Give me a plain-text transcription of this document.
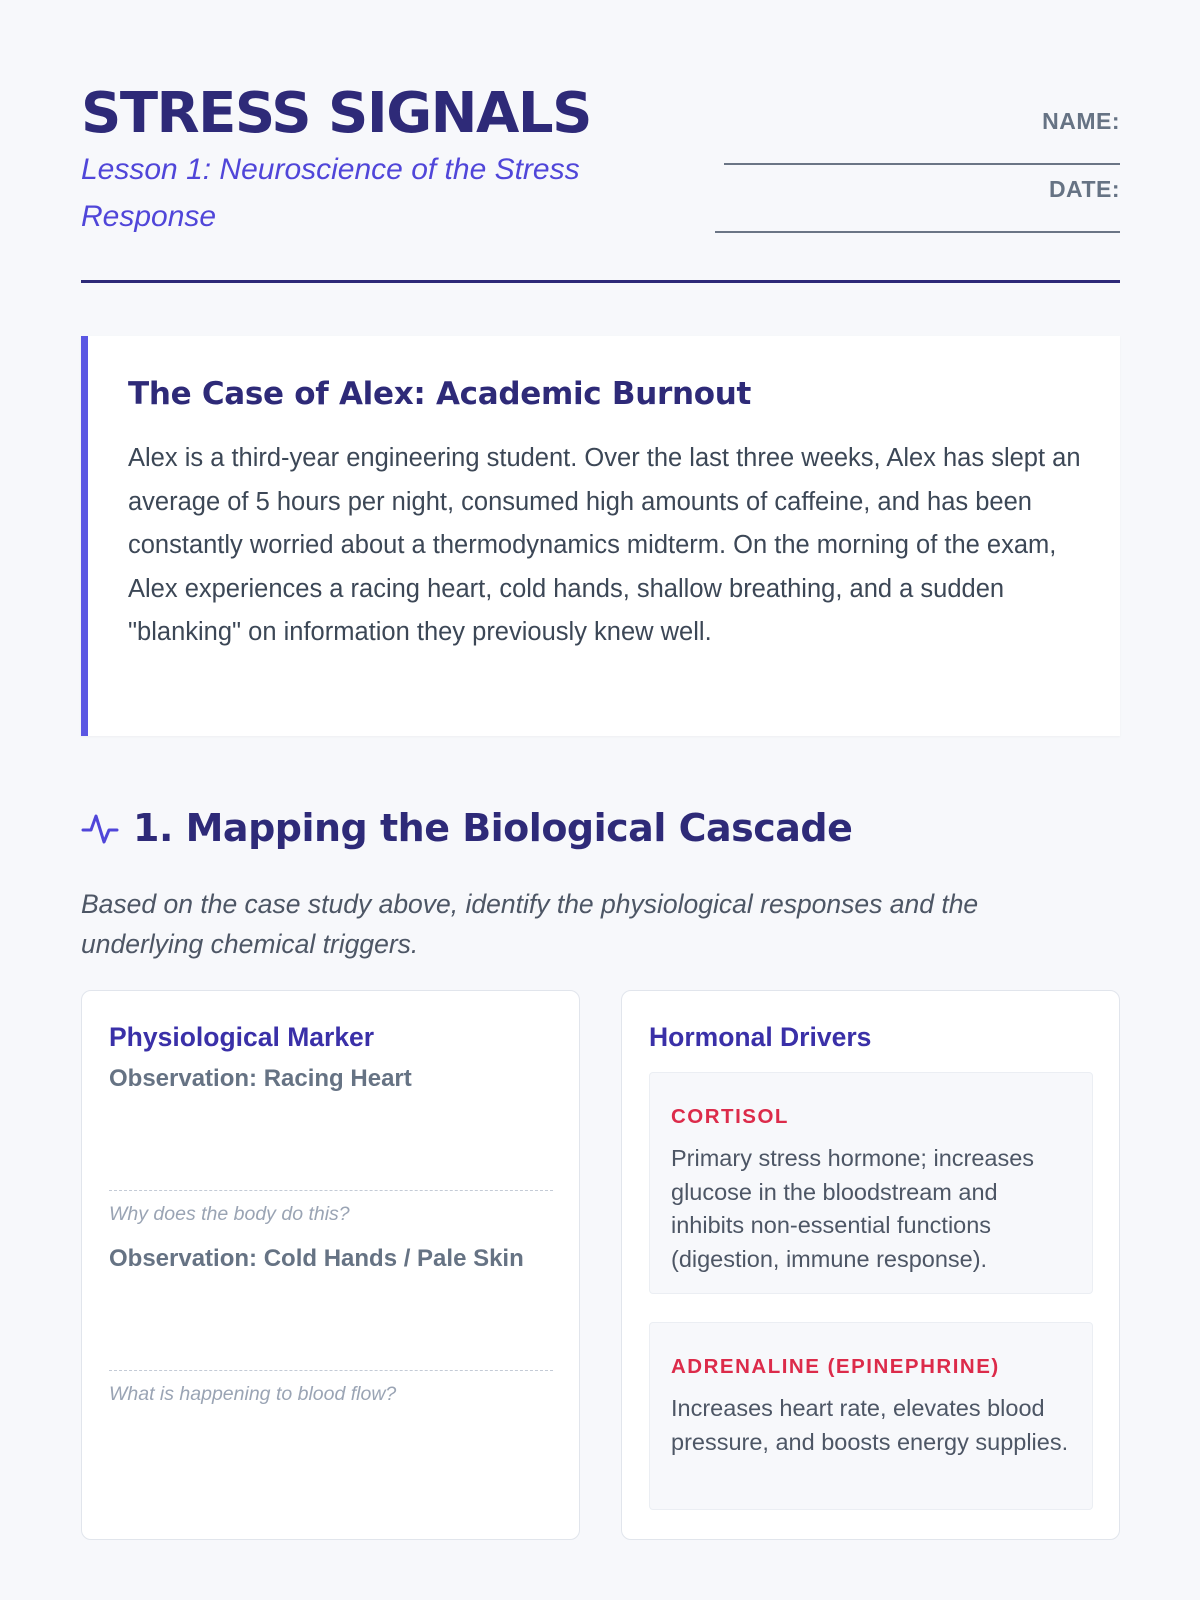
STRESS SIGNALS
Lesson 1: Neuroscience of the Stress Response
NAME:
DATE:
The Case of Alex: Academic Burnout
Alex is a third-year engineering student. Over the last three weeks, Alex has slept an average of 5 hours per night, consumed high amounts of caffeine, and has been constantly worried about a thermodynamics midterm. On the morning of the exam, Alex experiences a racing heart, cold hands, shallow breathing, and a sudden "blanking" on information they previously knew well.
1. Mapping the Biological Cascade
Based on the case study above, identify the physiological responses and the underlying chemical triggers.
Physiological Marker
Observation: Racing Heart
Why does the body do this?
Observation: Cold Hands / Pale Skin
What is happening to blood flow?
Hormonal Drivers
CORTISOL
Primary stress hormone; increases glucose in the bloodstream and inhibits non-essential functions (digestion, immune response).
ADRENALINE (EPINEPHRINE)
Increases heart rate, elevates blood pressure, and boosts energy supplies.
